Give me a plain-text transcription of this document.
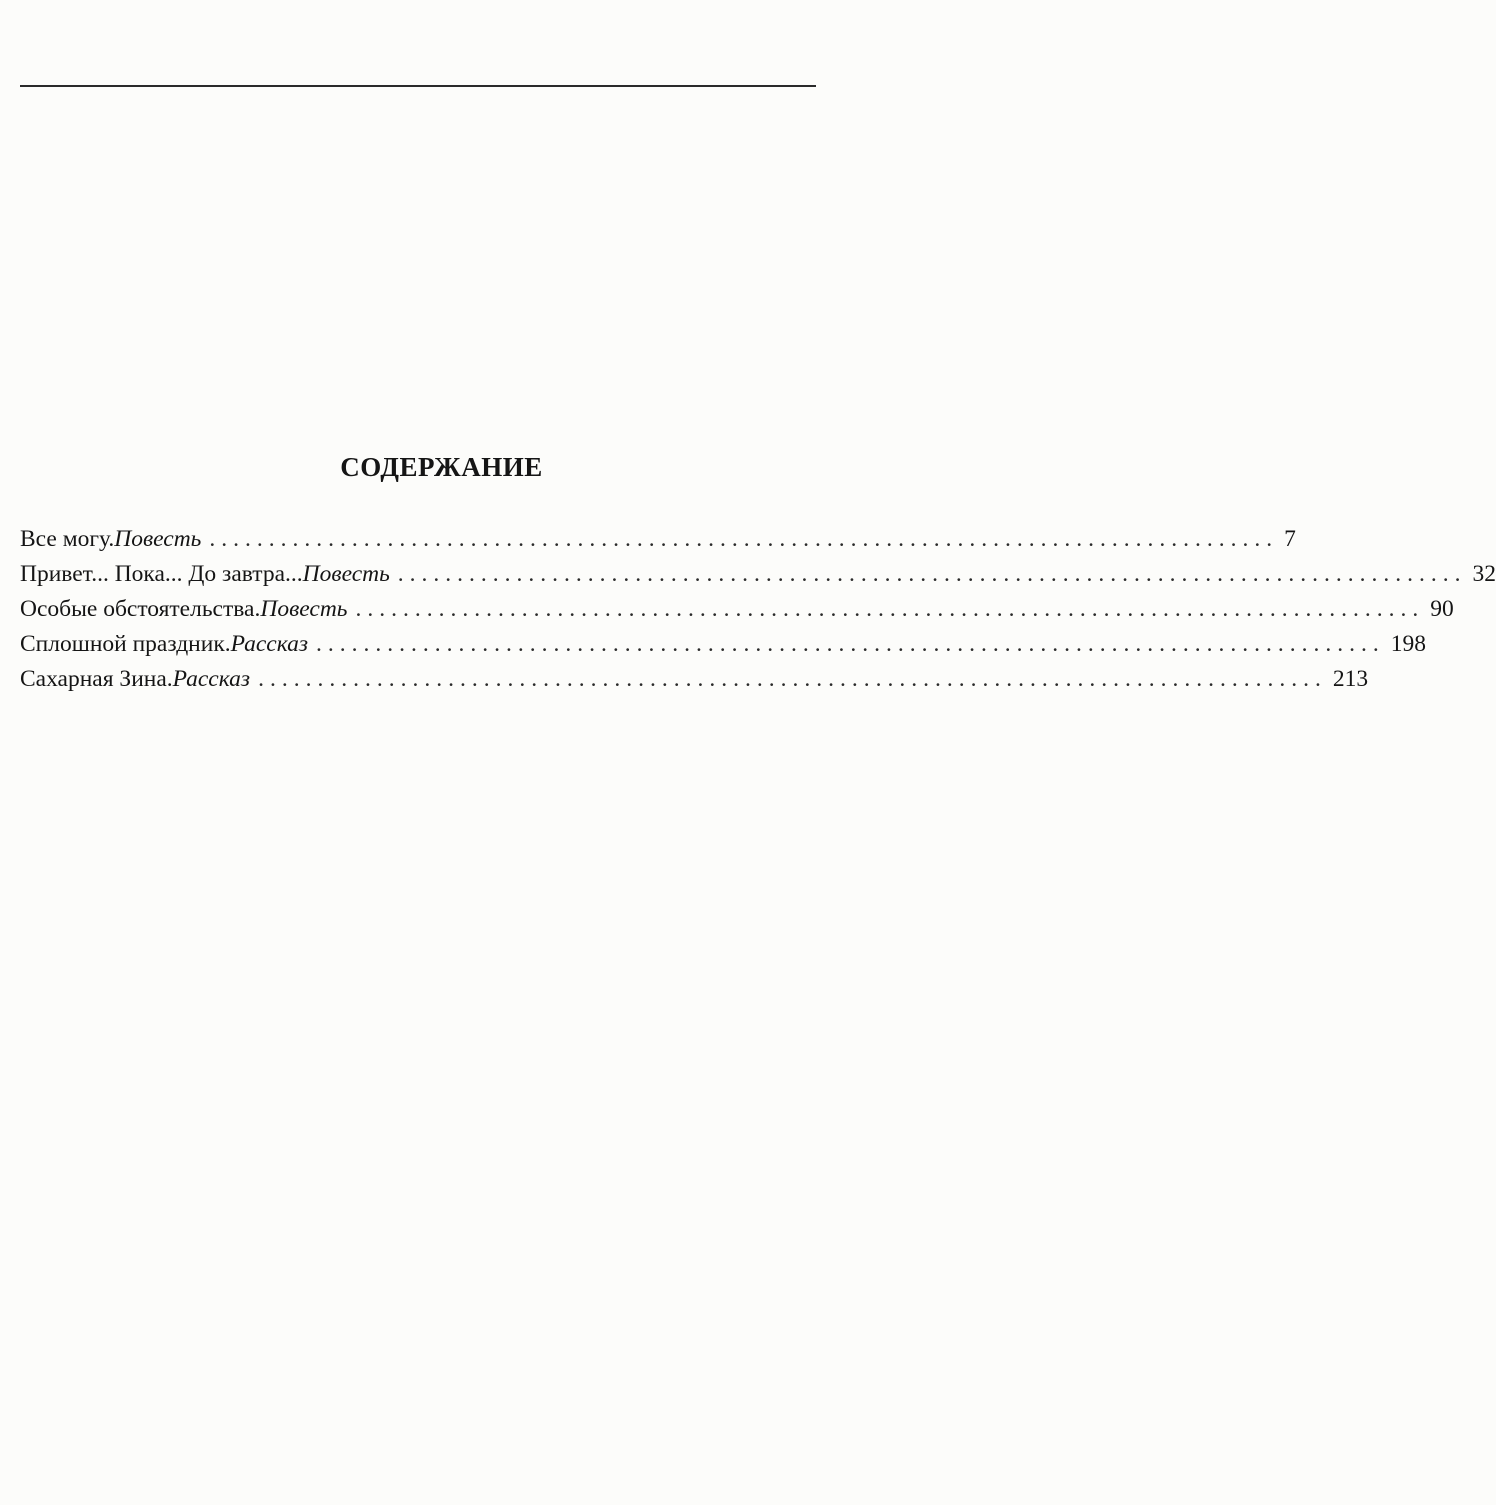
СОДЕРЖАНИЕ
Все могу. Повесть .......................................................................................... 7
Привет... Пока... До завтра... Повесть .......................................................................................... 32
Особые обстоятельства. Повесть .......................................................................................... 90
Сплошной праздник. Рассказ .......................................................................................... 198
Сахарная Зина. Рассказ .......................................................................................... 213
